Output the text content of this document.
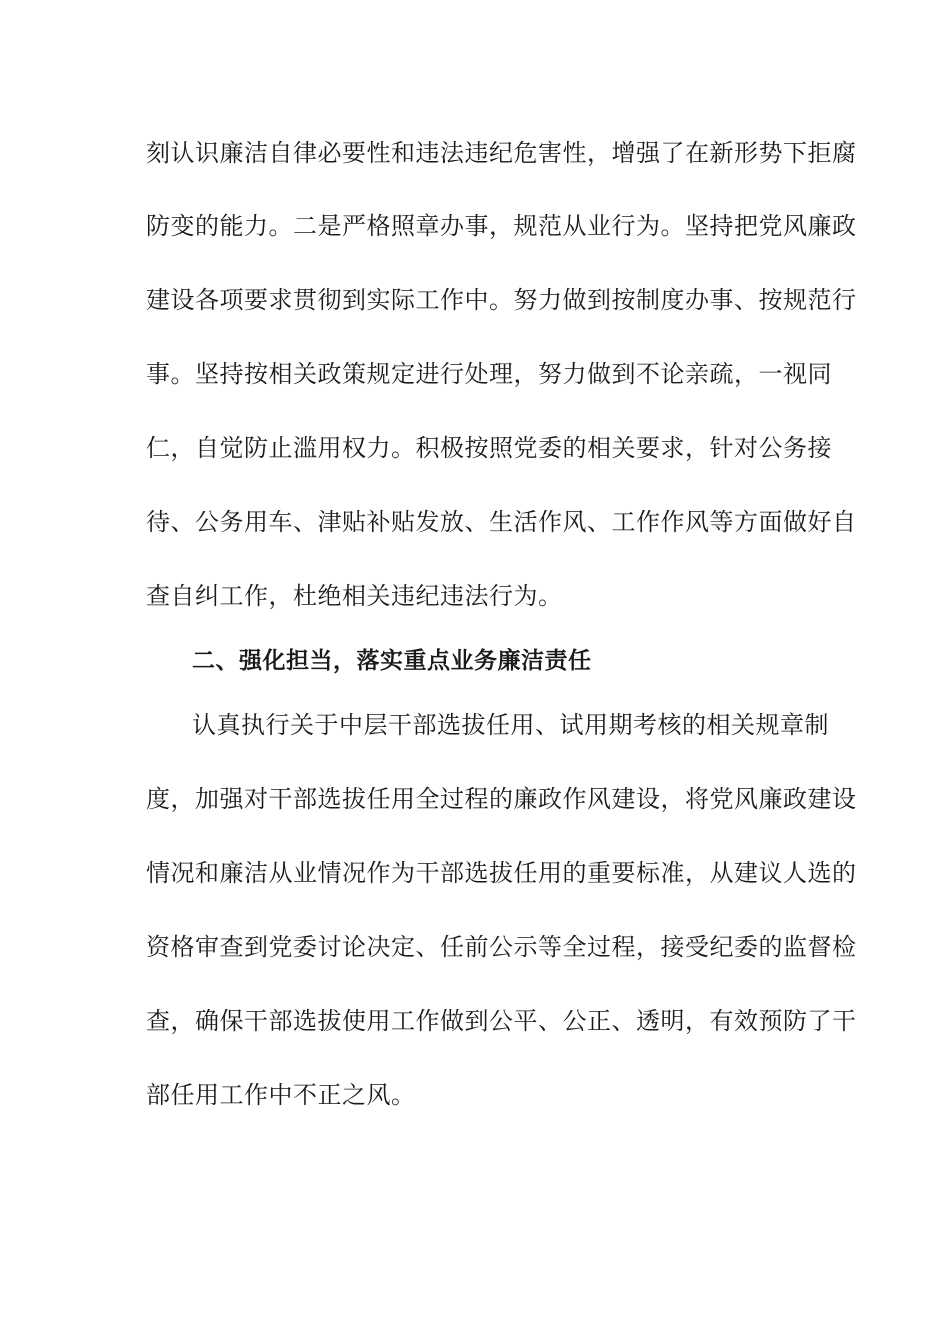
刻认识廉洁自律必要性和违法违纪危害性，增强了在新形势下拒腐
防变的能力。二是严格照章办事，规范从业行为。坚持把党风廉政
建设各项要求贯彻到实际工作中。努力做到按制度办事、按规范行
事。坚持按相关政策规定进行处理，努力做到不论亲疏，一视同
仁，自觉防止滥用权力。积极按照党委的相关要求，针对公务接
待、公务用车、津贴补贴发放、生活作风、工作作风等方面做好自
查自纠工作，杜绝相关违纪违法行为。
二、强化担当，落实重点业务廉洁责任
认真执行关于中层干部选拔任用、试用期考核的相关规章制
度，加强对干部选拔任用全过程的廉政作风建设，将党风廉政建设
情况和廉洁从业情况作为干部选拔任用的重要标准，从建议人选的
资格审查到党委讨论决定、任前公示等全过程，接受纪委的监督检
查，确保干部选拔使用工作做到公平、公正、透明，有效预防了干
部任用工作中不正之风。
